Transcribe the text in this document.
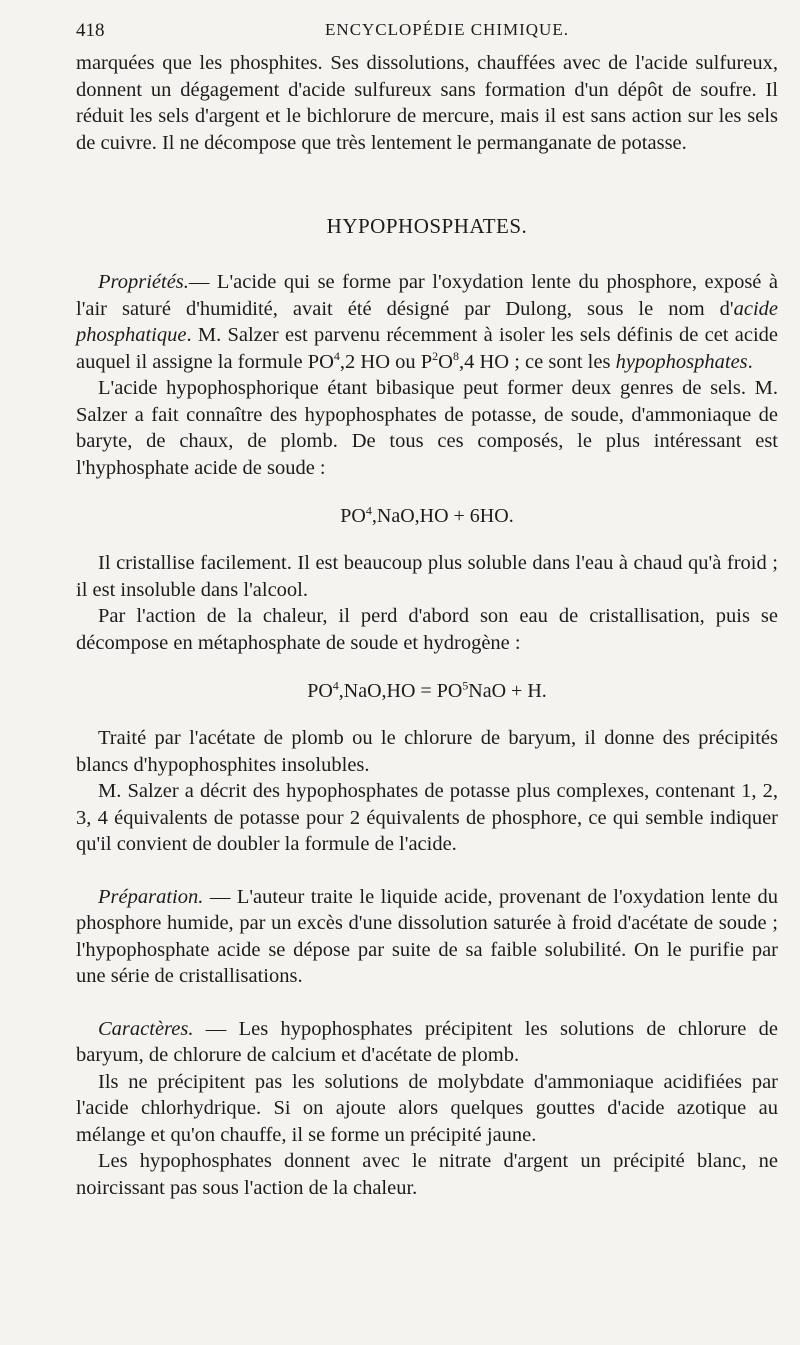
418	ENCYCLOPÉDIE CHIMIQUE.

marquées que les phosphites. Ses dissolutions, chauffées avec de l'acide sulfureux, donnent un dégagement d'acide sulfureux sans formation d'un dépôt de soufre. Il réduit les sels d'argent et le bichlorure de mercure, mais il est sans action sur les sels de cuivre. Il ne décompose que très lentement le permanganate de potasse.

HYPOPHOSPHATES.

Propriétés.— L'acide qui se forme par l'oxydation lente du phosphore, exposé à l'air saturé d'humidité, avait été désigné par Dulong, sous le nom d'acide phosphatique. M. Salzer est parvenu récemment à isoler les sels définis de cet acide auquel il assigne la formule $PO^4,2$ HO ou $P^2O^8,4$ HO ; ce sont les hypophosphates.

L'acide hypophosphorique étant bibasique peut former deux genres de sels. M. Salzer a fait connaître des hypophosphates de potasse, de soude, d'ammoniaque de baryte, de chaux, de plomb. De tous ces composés, le plus intéressant est l'hyphosphate acide de soude :

$PO^4,NaO,HO + 6HO$.

Il cristallise facilement. Il est beaucoup plus soluble dans l'eau à chaud qu'à froid ; il est insoluble dans l'alcool.

Par l'action de la chaleur, il perd d'abord son eau de cristallisation, puis se décompose en métaphosphate de soude et hydrogène :

$PO^4,NaO,HO = PO^5NaO + H$.

Traité par l'acétate de plomb ou le chlorure de baryum, il donne des précipités blancs d'hypophosphites insolubles.

M. Salzer a décrit des hypophosphates de potasse plus complexes, contenant 1, 2, 3, 4 équivalents de potasse pour 2 équivalents de phosphore, ce qui semble indiquer qu'il convient de doubler la formule de l'acide.

Préparation. — L'auteur traite le liquide acide, provenant de l'oxydation lente du phosphore humide, par un excès d'une dissolution saturée à froid d'acétate de soude ; l'hypophosphate acide se dépose par suite de sa faible solubilité. On le purifie par une série de cristallisations.

Caractères. — Les hypophosphates précipitent les solutions de chlorure de baryum, de chlorure de calcium et d'acétate de plomb.

Ils ne précipitent pas les solutions de molybdate d'ammoniaque acidifiées par l'acide chlorhydrique. Si on ajoute alors quelques gouttes d'acide azotique au mélange et qu'on chauffe, il se forme un précipité jaune.

Les hypophosphates donnent avec le nitrate d'argent un précipité blanc, ne noircissant pas sous l'action de la chaleur.
